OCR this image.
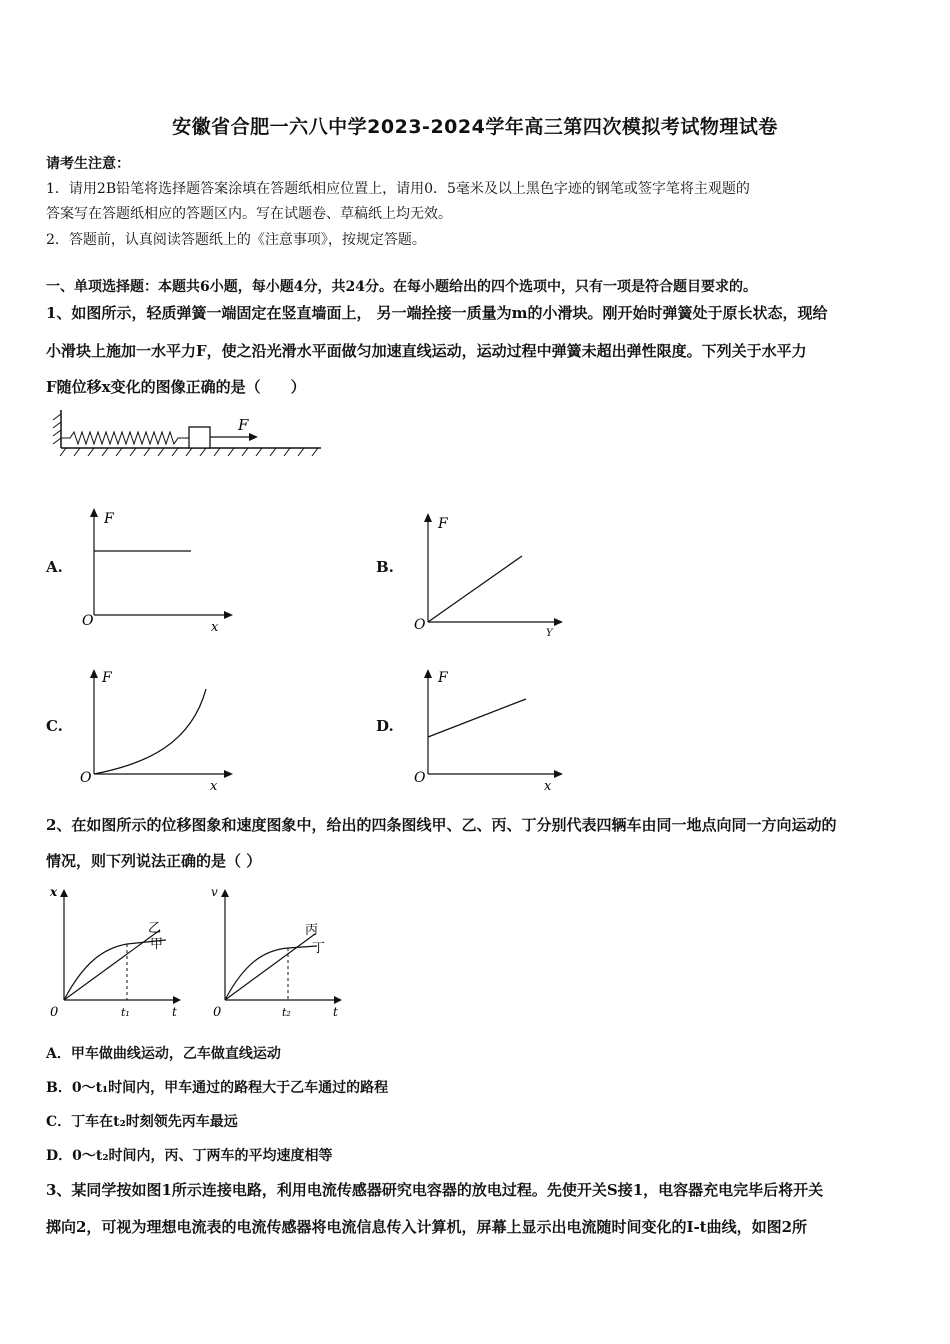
安徽省合肥一六八中学2023-2024学年高三第四次模拟考试物理试卷
请考生注意：
1．请用2B铅笔将选择题答案涂填在答题纸相应位置上，请用0．5毫米及以上黑色字迹的钢笔或签字笔将主观题的
答案写在答题纸相应的答题区内。写在试题卷、草稿纸上均无效。
2．答题前，认真阅读答题纸上的《注意事项》，按规定答题。
一、单项选择题：本题共6小题，每小题4分，共24分。在每小题给出的四个选项中，只有一项是符合题目要求的。
1、如图所示，轻质弹簧一端固定在竖直墙面上， 另一端拴接一质量为m的小滑块。刚开始时弹簧处于原长状态，现给
小滑块上施加一水平力F，使之沿光滑水平面做匀加速直线运动，运动过程中弹簧未超出弹性限度。下列关于水平力
F随位移x变化的图像正确的是（　　）
F
A.
F
O	x
B.
F
O
Y
C.
F
O
x
D.
F
O
x
2、在如图所示的位移图象和速度图象中，给出的四条图线甲、乙、丙、丁分别代表四辆车由同一地点向同一方向运动的
情况，则下列说法正确的是（ ）
x
0	t
t₁
乙
甲
v
0	t
t₂
丙
丁
A．甲车做曲线运动，乙车做直线运动
B．0～t₁时间内，甲车通过的路程大于乙车通过的路程
C．丁车在t₂时刻领先丙车最远
D．0～t₂时间内，丙、丁两车的平均速度相等
3、某同学按如图1所示连接电路，利用电流传感器研究电容器的放电过程。先使开关S接1，电容器充电完毕后将开关
掷向2，可视为理想电流表的电流传感器将电流信息传入计算机，屏幕上显示出电流随时间变化的I-t曲线，如图2所
